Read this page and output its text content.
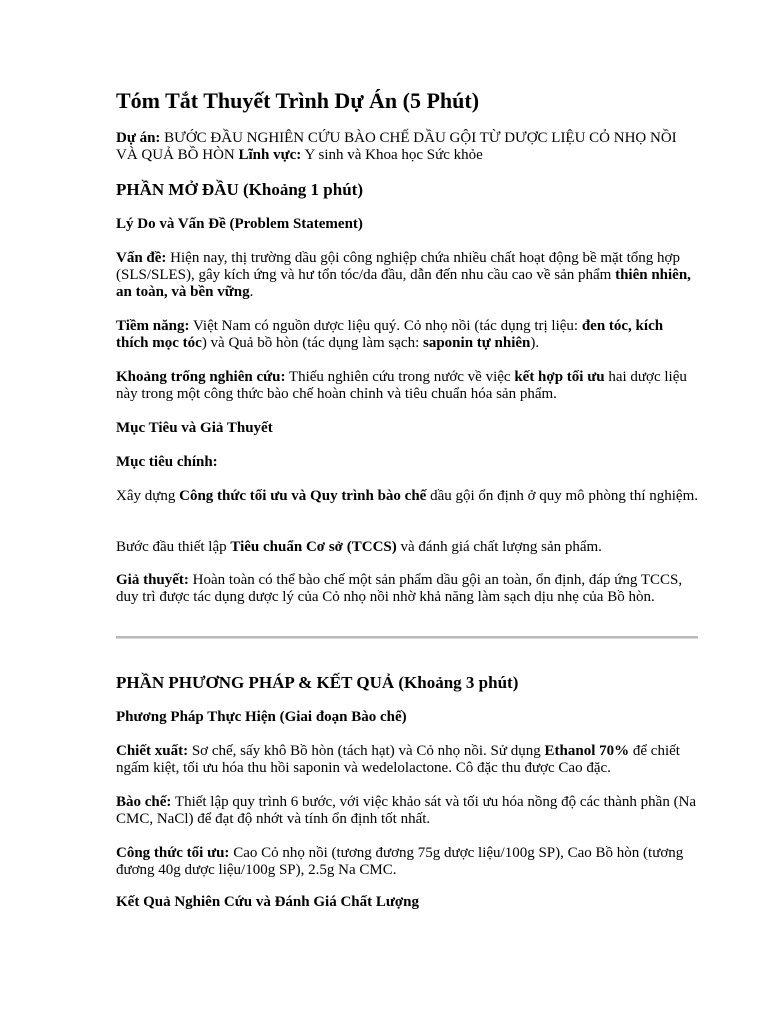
Tóm Tắt Thuyết Trình Dự Án (5 Phút)

Dự án: BƯỚC ĐẦU NGHIÊN CỨU BÀO CHẾ DẦU GỘI TỪ DƯỢC LIỆU CỎ NHỌ NỒI VÀ QUẢ BỒ HÒN Lĩnh vực: Y sinh và Khoa học Sức khỏe

PHẦN MỞ ĐẦU (Khoảng 1 phút)
Lý Do và Vấn Đề (Problem Statement)

Vấn đề: Hiện nay, thị trường dầu gội công nghiệp chứa nhiều chất hoạt động bề mặt tổng hợp (SLS/SLES), gây kích ứng và hư tổn tóc/da đầu, dẫn đến nhu cầu cao về sản phẩm thiên nhiên, an toàn, và bền vững.

Tiềm năng: Việt Nam có nguồn dược liệu quý. Cỏ nhọ nồi (tác dụng trị liệu: đen tóc, kích thích mọc tóc) và Quả bồ hòn (tác dụng làm sạch: saponin tự nhiên).

Khoảng trống nghiên cứu: Thiếu nghiên cứu trong nước về việc kết hợp tối ưu hai dược liệu này trong một công thức bào chế hoàn chỉnh và tiêu chuẩn hóa sản phẩm.

Mục Tiêu và Giả Thuyết
Mục tiêu chính:

Xây dựng Công thức tối ưu và Quy trình bào chế dầu gội ổn định ở quy mô phòng thí nghiệm.

Bước đầu thiết lập Tiêu chuẩn Cơ sở (TCCS) và đánh giá chất lượng sản phẩm.

Giả thuyết: Hoàn toàn có thể bào chế một sản phẩm dầu gội an toàn, ổn định, đáp ứng TCCS, duy trì được tác dụng dược lý của Cỏ nhọ nồi nhờ khả năng làm sạch dịu nhẹ của Bồ hòn.

PHẦN PHƯƠNG PHÁP & KẾT QUẢ (Khoảng 3 phút)
Phương Pháp Thực Hiện (Giai đoạn Bào chế)

Chiết xuất: Sơ chế, sấy khô Bồ hòn (tách hạt) và Cỏ nhọ nồi. Sử dụng Ethanol 70% để chiết ngấm kiệt, tối ưu hóa thu hồi saponin và wedelolactone. Cô đặc thu được Cao đặc.

Bào chế: Thiết lập quy trình 6 bước, với việc khảo sát và tối ưu hóa nồng độ các thành phần (Na CMC, NaCl) để đạt độ nhớt và tính ổn định tốt nhất.

Công thức tối ưu: Cao Cỏ nhọ nồi (tương đương 75g dược liệu/100g SP), Cao Bồ hòn (tương đương 40g dược liệu/100g SP), 2.5g Na CMC.

Kết Quả Nghiên Cứu và Đánh Giá Chất Lượng
